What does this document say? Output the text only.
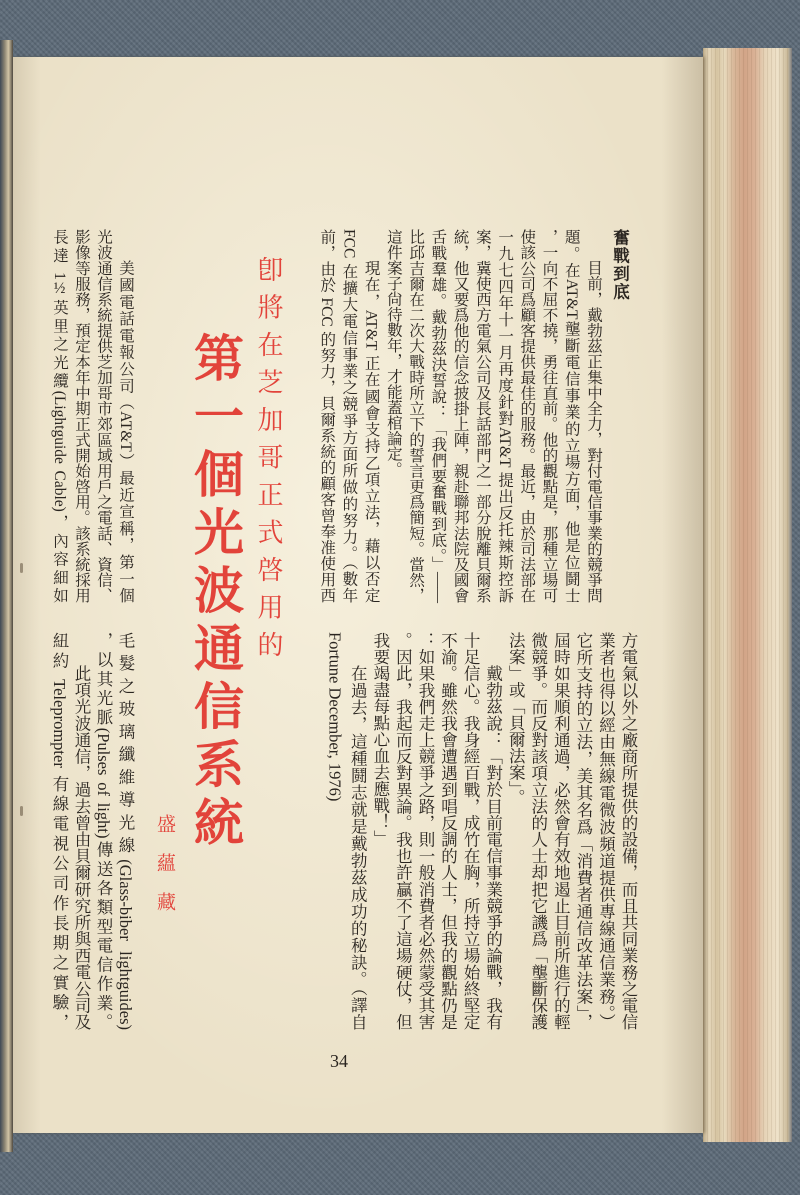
奮戰到底
目前，戴勃茲正集中全力，對付電信事業的競爭問
題。在AT&T壟斷電信事業的立場方面，他是位鬪士
，一向不屈不撓，勇往直前。他的觀點是，那種立場可
使該公司爲顧客提供最佳的服務。最近，由於司法部在
一九七四年十一月再度針對AT&T 提出反托辣斯控訴
案，冀使西方電氣公司及長話部門之一部分脫離貝爾系
統，他又要爲他的信念披掛上陣，親赴聯邦法院及國會
舌戰羣雄。戴勃茲決誓說：「我們要奮戰到底。」——
比邱吉爾在二次大戰時所立下的誓言更爲簡短。當然，
這件案子尙待數年，才能蓋棺論定。
現在，AT&T 正在國會支持乙項立法，藉以否定
FCC 在擴大電信事業之競爭方面所做的努力。（數年
前，由於 FCC 的努力，貝爾系統的顧客曾奉准使用西
方電氣以外之廠商所提供的設備，而且共同業務之電信
業者也得以經由無線電微波頻道提供專線通信業務。）
它所支持的立法，美其名爲「消費者通信改革法案」，
屆時如果順利通過，必然會有效地遏止目前所進行的輕
微競爭。而反對該項立法的人士却把它譏爲「壟斷保護
法案」或「貝爾法案」。
戴勃茲說：「對於目前電信事業競爭的論戰，我有
十足信心。我身經百戰，成竹在胸，所持立場始終堅定
不渝。雖然我會遭遇到唱反調的人士，但我的觀點仍是
：如果我們走上競爭之路，則一般消費者必然蒙受其害
。因此，我起而反對異論。我也許贏不了這場硬仗，但
我要竭盡每點心血去應戰！」
在過去，這種鬪志就是戴勃茲成功的秘訣。（譯自
Fortune December, 1976)
卽將在芝加哥正式啓用的
第一個光波通信系統
盛蘊藏
美國電話電報公司（AT&T）最近宣稱，第一個
光波通信系統提供芝加哥市郊區域用戶之電話、資信、
影像等服務，預定本年中期正式開始啓用。該系統採用
長達 1½英里之光纜(Lightguide Cable)，內容細如
毛髮之玻璃纖維導光線(Glass-biber lightguides)
，以其光脈(Pulses of light)傳送各類型電信作業。
此項光波通信，過去曾由貝爾研究所與西電公司及
紐約 Teleprompter 有線電視公司作長期之實驗，
34
